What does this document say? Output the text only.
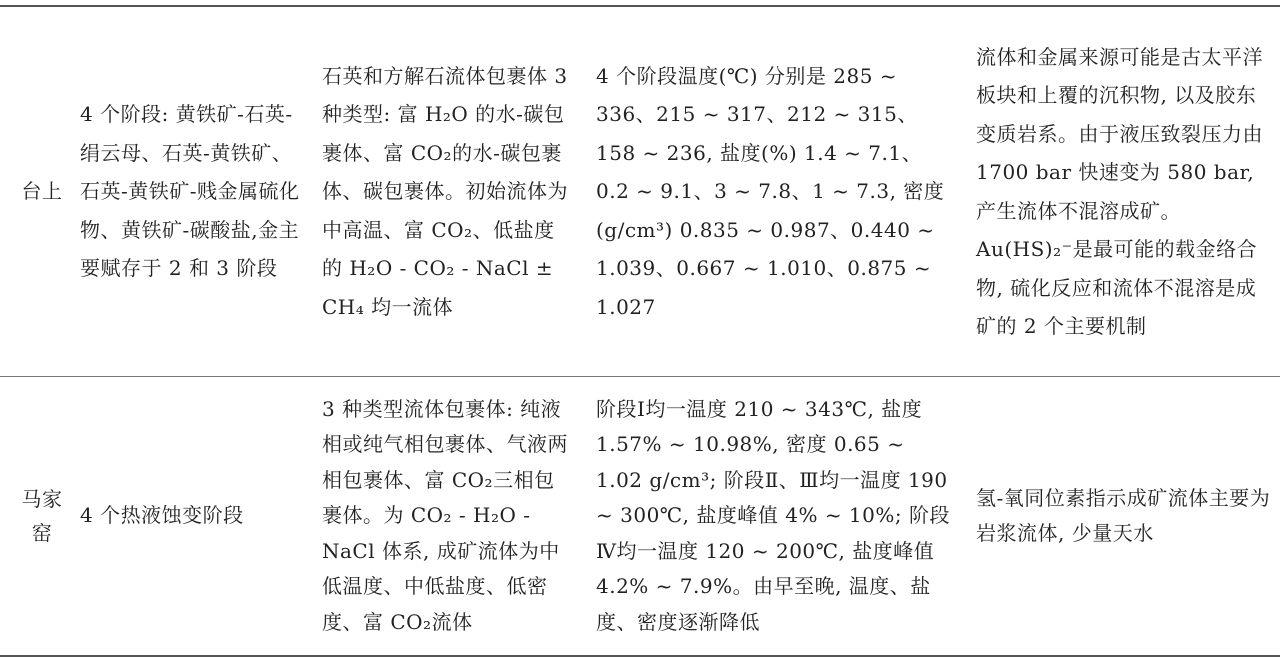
台上
4 个阶段: 黄铁矿-石英-绢云母、石英-黄铁矿、石英-黄铁矿-贱金属硫化物、黄铁矿-碳酸盐,金主要赋存于 2 和 3 阶段
石英和方解石流体包裹体 3 种类型: 富 H₂O 的水-碳包裹体、富 CO₂的水-碳包裹体、碳包裹体。初始流体为中高温、富 CO₂、低盐度的 H₂O - CO₂ - NaCl ± CH₄ 均一流体
4 个阶段温度(℃) 分别是 285 ~ 336、215 ~ 317、212 ~ 315、158 ~ 236, 盐度(%) 1.4 ~ 7.1、0.2 ~ 9.1、3 ~ 7.8、1 ~ 7.3, 密度(g/cm³) 0.835 ~ 0.987、0.440 ~ 1.039、0.667 ~ 1.010、0.875 ~ 1.027
流体和金属来源可能是古太平洋板块和上覆的沉积物, 以及胶东变质岩系。由于液压致裂压力由 1700 bar 快速变为 580 bar, 产生流体不混溶成矿。Au(HS)₂⁻是最可能的载金络合物, 硫化反应和流体不混溶是成矿的 2 个主要机制
马家窑
4 个热液蚀变阶段
3 种类型流体包裹体: 纯液相或纯气相包裹体、气液两相包裹体、富 CO₂三相包裹体。为 CO₂ - H₂O - NaCl 体系, 成矿流体为中低温度、中低盐度、低密度、富 CO₂流体
阶段Ⅰ均一温度 210 ~ 343℃, 盐度 1.57% ~ 10.98%, 密度 0.65 ~ 1.02 g/cm³; 阶段Ⅱ、Ⅲ均一温度 190 ~ 300℃, 盐度峰值 4% ~ 10%; 阶段Ⅳ均一温度 120 ~ 200℃, 盐度峰值 4.2% ~ 7.9%。由早至晚, 温度、盐度、密度逐渐降低
氢-氧同位素指示成矿流体主要为岩浆流体, 少量天水
